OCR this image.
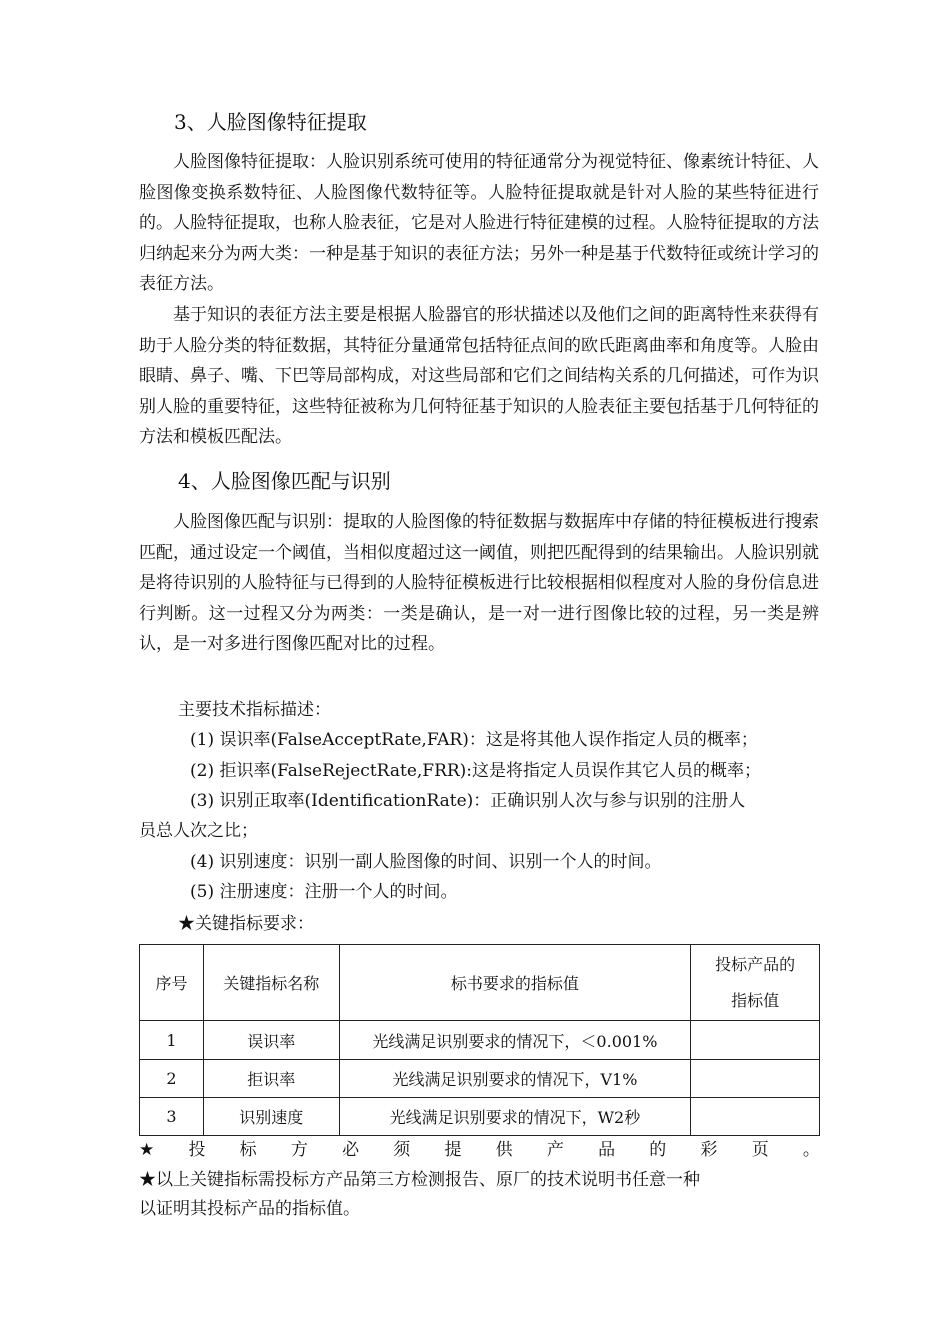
3、人脸图像特征提取

人脸图像特征提取：人脸识别系统可使用的特征通常分为视觉特征、像素统计特征、人脸图像变换系数特征、人脸图像代数特征等。人脸特征提取就是针对人脸的某些特征进行的。人脸特征提取，也称人脸表征，它是对人脸进行特征建模的过程。人脸特征提取的方法归纳起来分为两大类：一种是基于知识的表征方法；另外一种是基于代数特征或统计学习的表征方法。

基于知识的表征方法主要是根据人脸器官的形状描述以及他们之间的距离特性来获得有助于人脸分类的特征数据，其特征分量通常包括特征点间的欧氏距离曲率和角度等。人脸由眼睛、鼻子、嘴、下巴等局部构成，对这些局部和它们之间结构关系的几何描述，可作为识别人脸的重要特征，这些特征被称为几何特征基于知识的人脸表征主要包括基于几何特征的方法和模板匹配法。

4、人脸图像匹配与识别

人脸图像匹配与识别：提取的人脸图像的特征数据与数据库中存储的特征模板进行搜索匹配，通过设定一个阈值，当相似度超过这一阈值，则把匹配得到的结果输出。人脸识别就是将待识别的人脸特征与已得到的人脸特征模板进行比较根据相似程度对人脸的身份信息进行判断。这一过程又分为两类：一类是确认，是一对一进行图像比较的过程，另一类是辨认，是一对多进行图像匹配对比的过程。

主要技术指标描述：
(1) 误识率(FalseAcceptRate,FAR)：这是将其他人误作指定人员的概率；
(2) 拒识率(FalseRejectRate,FRR):这是将指定人员误作其它人员的概率；
(3) 识别正取率(IdentificationRate)：正确识别人次与参与识别的注册人
员总人次之比；
(4) 识别速度：识别一副人脸图像的时间、识别一个人的时间。
(5) 注册速度：注册一个人的时间。
★关键指标要求：
序号	关键指标名称	标书要求的指标值	投标产品的
指标值

1	误识率	光线满足识别要求的情况下，＜0.001%	
2	拒识率	光线满足识别要求的情况下，V1%	
3	识别速度	光线满足识别要求的情况下，W2秒	
★ 投 标 方 必 须 提 供 产 品 的 彩 页 。
★以上关键指标需投标方产品第三方检测报告、原厂的技术说明书任意一种
以证明其投标产品的指标值。
